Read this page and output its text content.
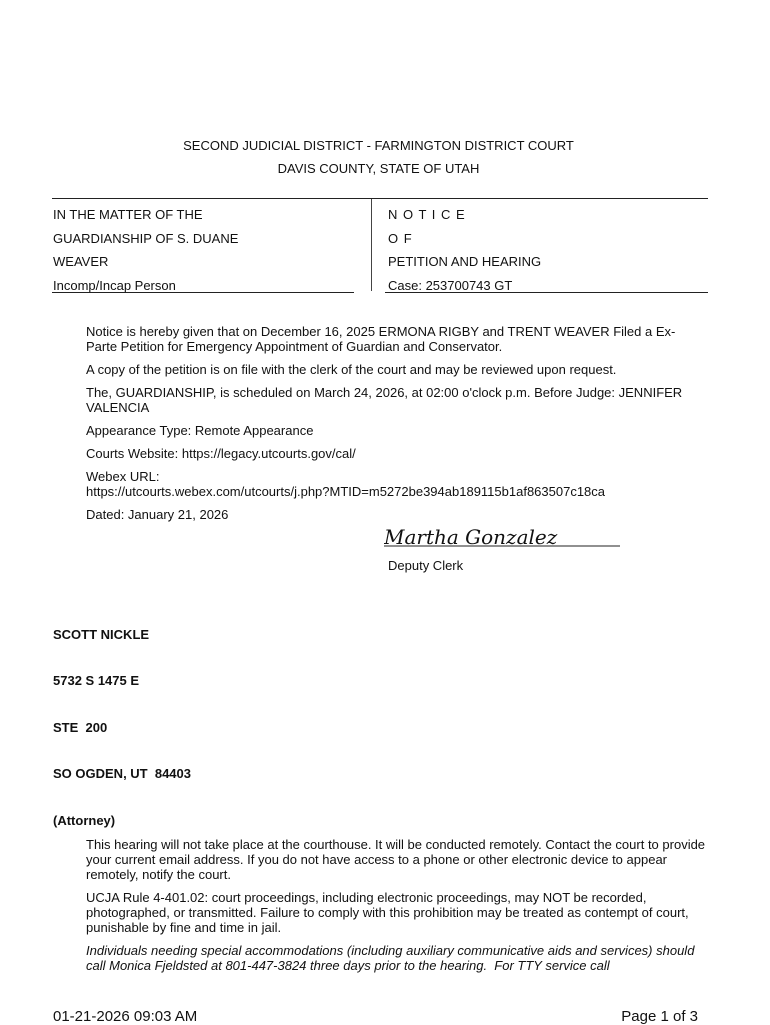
SECOND JUDICIAL DISTRICT - FARMINGTON DISTRICT COURT
DAVIS COUNTY, STATE OF UTAH
IN THE MATTER OF THE
GUARDIANSHIP OF S. DUANE
WEAVER
Incomp/Incap Person
N O T I C E
O F
PETITION AND HEARING
Case: 253700743 GT

Notice is hereby given that on December 16, 2025 ERMONA RIGBY and TRENT WEAVER Filed a Ex- Parte Petition for Emergency Appointment of Guardian and Conservator.

A copy of the petition is on file with the clerk of the court and may be reviewed upon request.

The, GUARDIANSHIP, is scheduled on March 24, 2026, at 02:00 o'clock p.m. Before Judge: JENNIFER VALENCIA

Appearance Type: Remote Appearance

Courts Website: https://legacy.utcourts.gov/cal/

Webex URL:
https://utcourts.webex.com/utcourts/j.php?MTID=m5272be394ab189115b1af863507c18ca

Dated: January 21, 2026

Martha Gonzalez
Deputy Clerk
SCOTT NICKLE
5732 S 1475 E
STE  200
SO OGDEN, UT  84403
(Attorney)

This hearing will not take place at the courthouse. It will be conducted remotely. Contact the court to provide your current email address. If you do not have access to a phone or other electronic device to appear remotely, notify the court.

UCJA Rule 4-401.02: court proceedings, including electronic proceedings, may NOT be recorded, photographed, or transmitted. Failure to comply with this prohibition may be treated as contempt of court, punishable by fine and time in jail.

Individuals needing special accommodations (including auxiliary communicative aids and services) should call Monica Fjeldsted at 801-447-3824 three days prior to the hearing.  For TTY service call

01-21-2026 09:03 AM	Page 1 of 3
